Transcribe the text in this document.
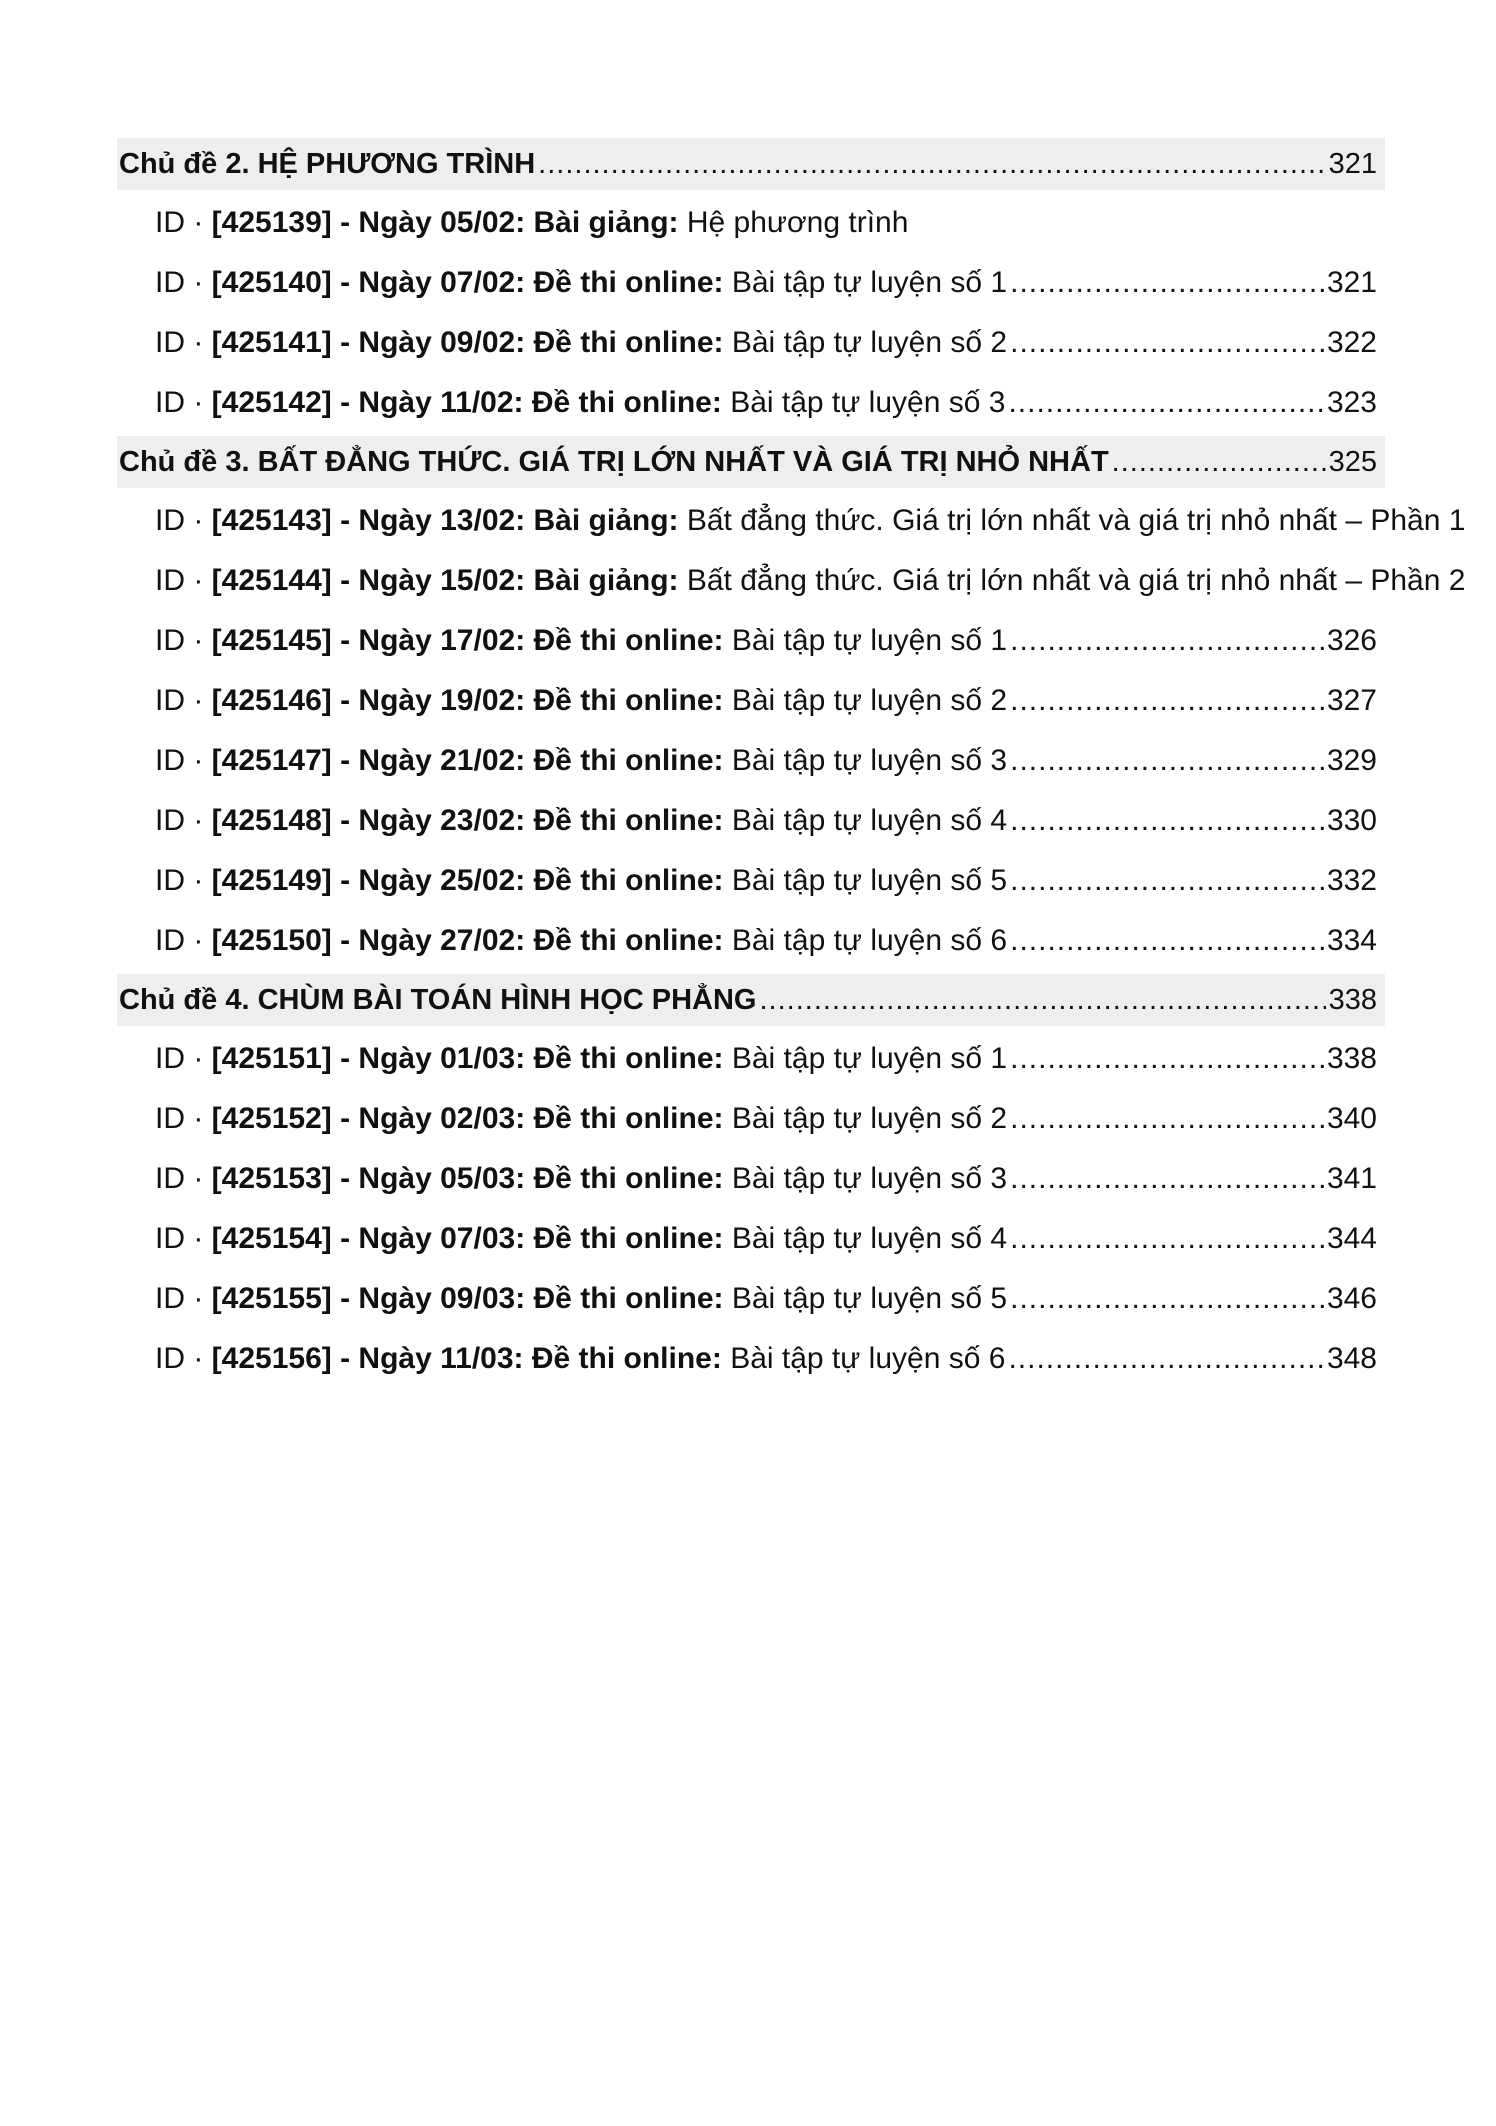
Chủ đề 2. HỆ PHƯƠNG TRÌNH .....	321
ID · [425139] - Ngày 05/02: Bài giảng: Hệ phương trình
ID · [425140] - Ngày 07/02: Đề thi online: Bài tập tự luyện số 1 .....	321
ID · [425141] - Ngày 09/02: Đề thi online: Bài tập tự luyện số 2 .....	322
ID · [425142] - Ngày 11/02: Đề thi online: Bài tập tự luyện số 3 .....	323
Chủ đề 3. BẤT ĐẲNG THỨC. GIÁ TRỊ LỚN NHẤT VÀ GIÁ TRỊ NHỎ NHẤT .....	325
ID · [425143] - Ngày 13/02: Bài giảng: Bất đẳng thức. Giá trị lớn nhất và giá trị nhỏ nhất – Phần 1
ID · [425144] - Ngày 15/02: Bài giảng: Bất đẳng thức. Giá trị lớn nhất và giá trị nhỏ nhất – Phần 2
ID · [425145] - Ngày 17/02: Đề thi online: Bài tập tự luyện số 1 .....	326
ID · [425146] - Ngày 19/02: Đề thi online: Bài tập tự luyện số 2 .....	327
ID · [425147] - Ngày 21/02: Đề thi online: Bài tập tự luyện số 3 .....	329
ID · [425148] - Ngày 23/02: Đề thi online: Bài tập tự luyện số 4 .....	330
ID · [425149] - Ngày 25/02: Đề thi online: Bài tập tự luyện số 5 .....	332
ID · [425150] - Ngày 27/02: Đề thi online: Bài tập tự luyện số 6 .....	334
Chủ đề 4. CHÙM BÀI TOÁN HÌNH HỌC PHẲNG .....	338
ID · [425151] - Ngày 01/03: Đề thi online: Bài tập tự luyện số 1 .....	338
ID · [425152] - Ngày 02/03: Đề thi online: Bài tập tự luyện số 2 .....	340
ID · [425153] - Ngày 05/03: Đề thi online: Bài tập tự luyện số 3 .....	341
ID · [425154] - Ngày 07/03: Đề thi online: Bài tập tự luyện số 4 .....	344
ID · [425155] - Ngày 09/03: Đề thi online: Bài tập tự luyện số 5 .....	346
ID · [425156] - Ngày 11/03: Đề thi online: Bài tập tự luyện số 6 .....	348
